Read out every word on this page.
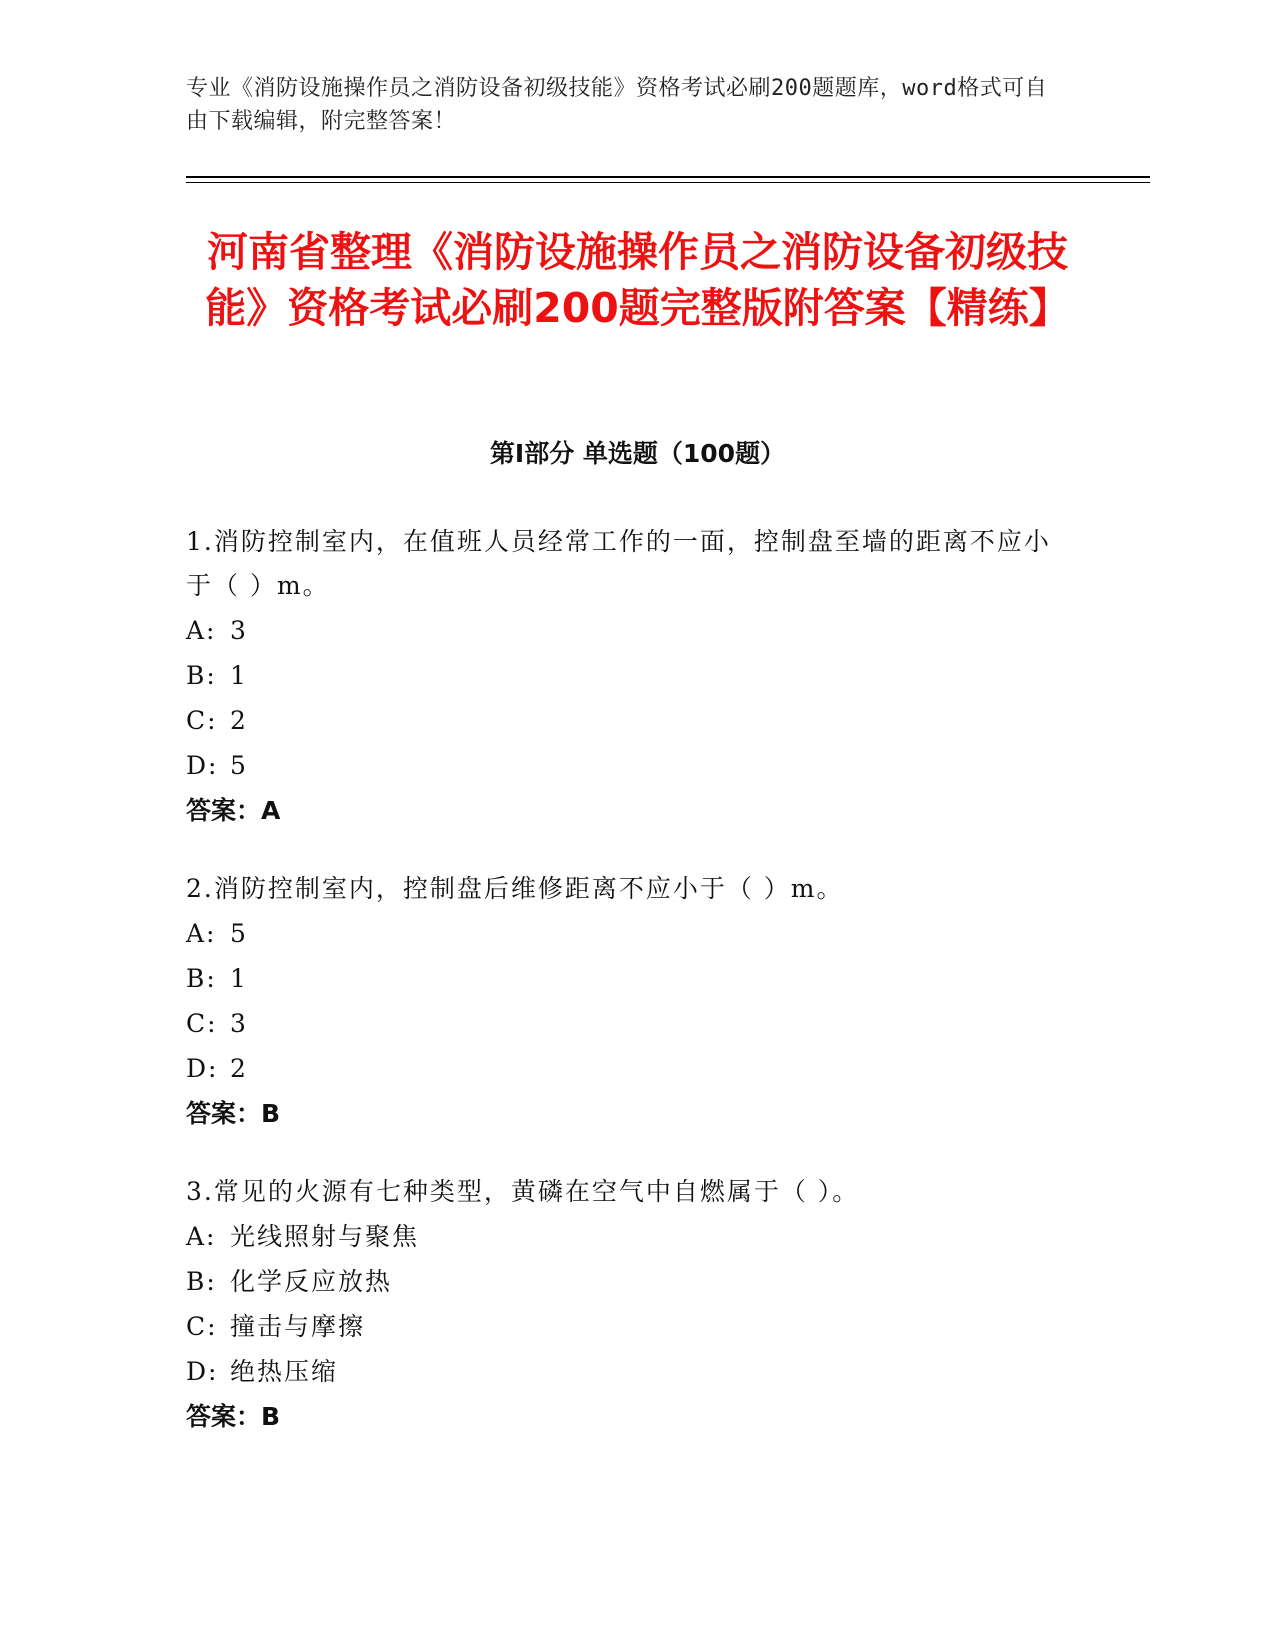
专业《消防设施操作员之消防设备初级技能》资格考试必刷200题题库，word格式可自由下载编辑，附完整答案！
河南省整理《消防设施操作员之消防设备初级技能》资格考试必刷200题完整版附答案【精练】
第I部分 单选题（100题）
1.消防控制室内，在值班人员经常工作的一面，控制盘至墙的距离不应小于（ ）m。
A: 3
B: 1
C: 2
D: 5
答案：A
2.消防控制室内，控制盘后维修距离不应小于（ ）m。
A: 5
B: 1
C: 3
D: 2
答案：B
3.常见的火源有七种类型，黄磷在空气中自燃属于（ ）。
A: 光线照射与聚焦
B: 化学反应放热
C: 撞击与摩擦
D: 绝热压缩
答案：B
